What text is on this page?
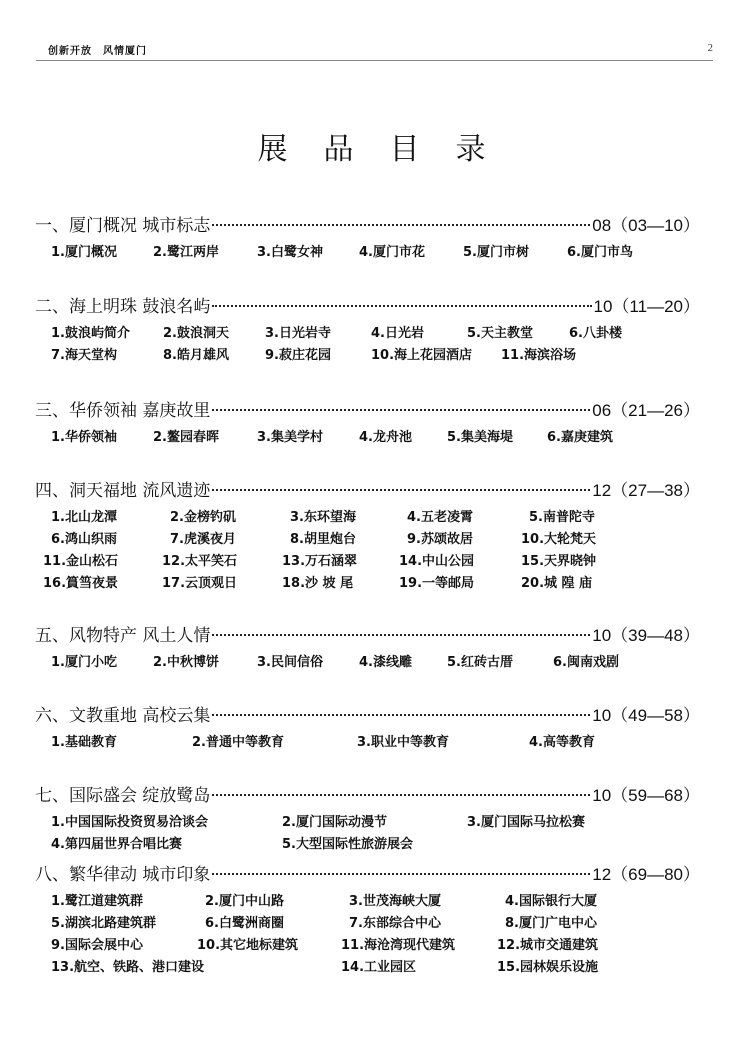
创新开放　风情厦门	2
展品目录
一、厦门概况 城市标志	08 （03—10）
1.厦门概况	2.鹭江两岸	3.白鹭女神	4.厦门市花	5.厦门市树	6.厦门市鸟
二、海上明珠 鼓浪名屿	10 （11—20）
1.鼓浪屿简介	2.鼓浪洞天	3.日光岩寺	4.日光岩	5.天主教堂	6.八卦楼
7.海天堂构	8.皓月雄风	9.菽庄花园	10.海上花园酒店 11.海滨浴场
三、华侨领袖 嘉庚故里	06 （21—26）
1.华侨领袖	2.鳌园春晖	3.集美学村	4.龙舟池	5.集美海堤	6.嘉庚建筑
四、洞天福地 流风遗迹	12 （27—38）
1.北山龙潭	2.金榜钓矶	3.东环望海	4.五老凌霄	5.南普陀寺
6.鸿山织雨	7.虎溪夜月	8.胡里炮台	9.苏颂故居	10.大轮梵天
11.金山松石	12.太平笑石	13.万石涵翠	14.中山公园	15.天界晓钟
16.篔筜夜景	17.云顶观日	18.沙 坡 尾	19.一等邮局	20.城 隍 庙
五、风物特产 风土人情	10 （39—48）
1.厦门小吃	2.中秋博饼	3.民间信俗	4.漆线雕	5.红砖古厝	6.闽南戏剧
六、文教重地 高校云集	10 （49—58）
1.基础教育	2.普通中等教育	3.职业中等教育	4.高等教育
七、国际盛会 绽放鹭岛	10 （59—68）
1.中国国际投资贸易洽谈会	2.厦门国际动漫节	3.厦门国际马拉松赛
4.第四届世界合唱比赛	5.大型国际性旅游展会
八、繁华律动 城市印象	12 （69—80）
1.鹭江道建筑群	2.厦门中山路	3.世茂海峡大厦	4.国际银行大厦
5.湖滨北路建筑群	6.白鹭洲商圈	7.东部综合中心	8.厦门广电中心
9.国际会展中心	10.其它地标建筑	11.海沧湾现代建筑	12.城市交通建筑
13.航空、铁路、港口建设	14.工业园区	15.园林娱乐设施
